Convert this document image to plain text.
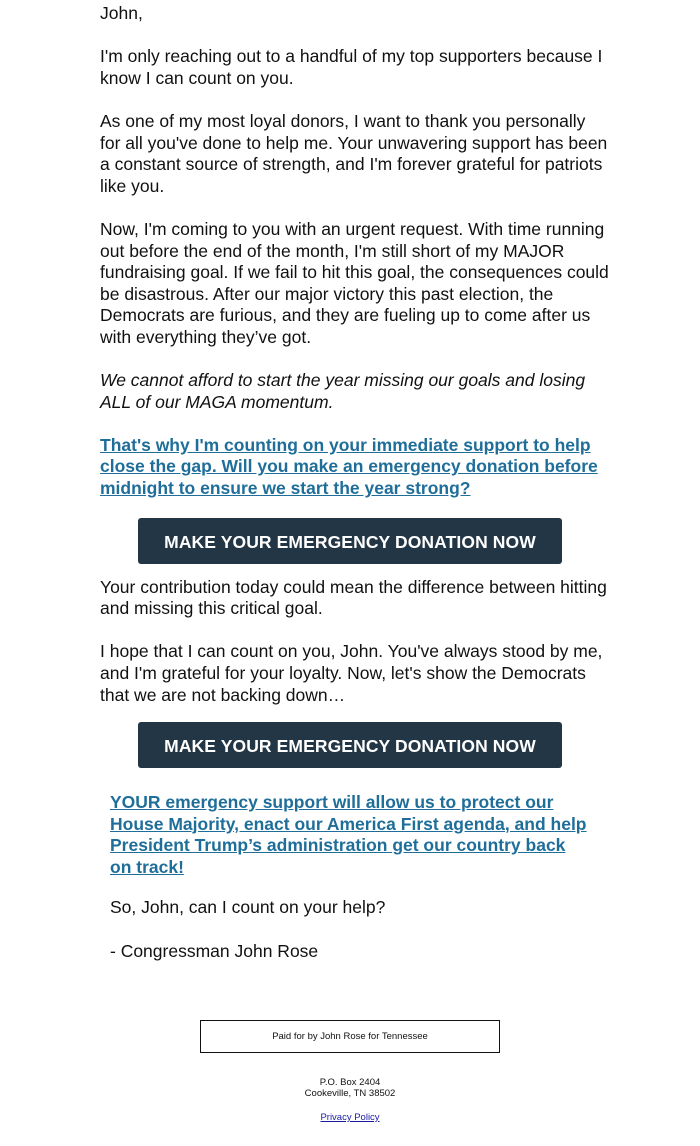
John,

I'm only reaching out to a handful of my top supporters because I know I can count on you.

As one of my most loyal donors, I want to thank you personally for all you've done to help me. Your unwavering support has been a constant source of strength, and I'm forever grateful for patriots like you.

Now, I'm coming to you with an urgent request. With time running out before the end of the month, I'm still short of my MAJOR fundraising goal. If we fail to hit this goal, the consequences could be disastrous. After our major victory this past election, the Democrats are furious, and they are fueling up to come after us with everything they’ve got.

We cannot afford to start the year missing our goals and losing ALL of our MAGA momentum.

That's why I'm counting on your immediate support to help close the gap. Will you make an emergency donation before midnight to ensure we start the year strong?

MAKE YOUR EMERGENCY DONATION NOW

Your contribution today could mean the difference between hitting and missing this critical goal.

I hope that I can count on you, John. You've always stood by me, and I'm grateful for your loyalty. Now, let's show the Democrats that we are not backing down…

MAKE YOUR EMERGENCY DONATION NOW

YOUR emergency support will allow us to protect our House Majority, enact our America First agenda, and help President Trump’s administration get our country back on track!

So, John, can I count on your help?

- Congressman John Rose

Paid for by John Rose for Tennessee
P.O. Box 2404
Cookeville, TN 38502
Privacy Policy
